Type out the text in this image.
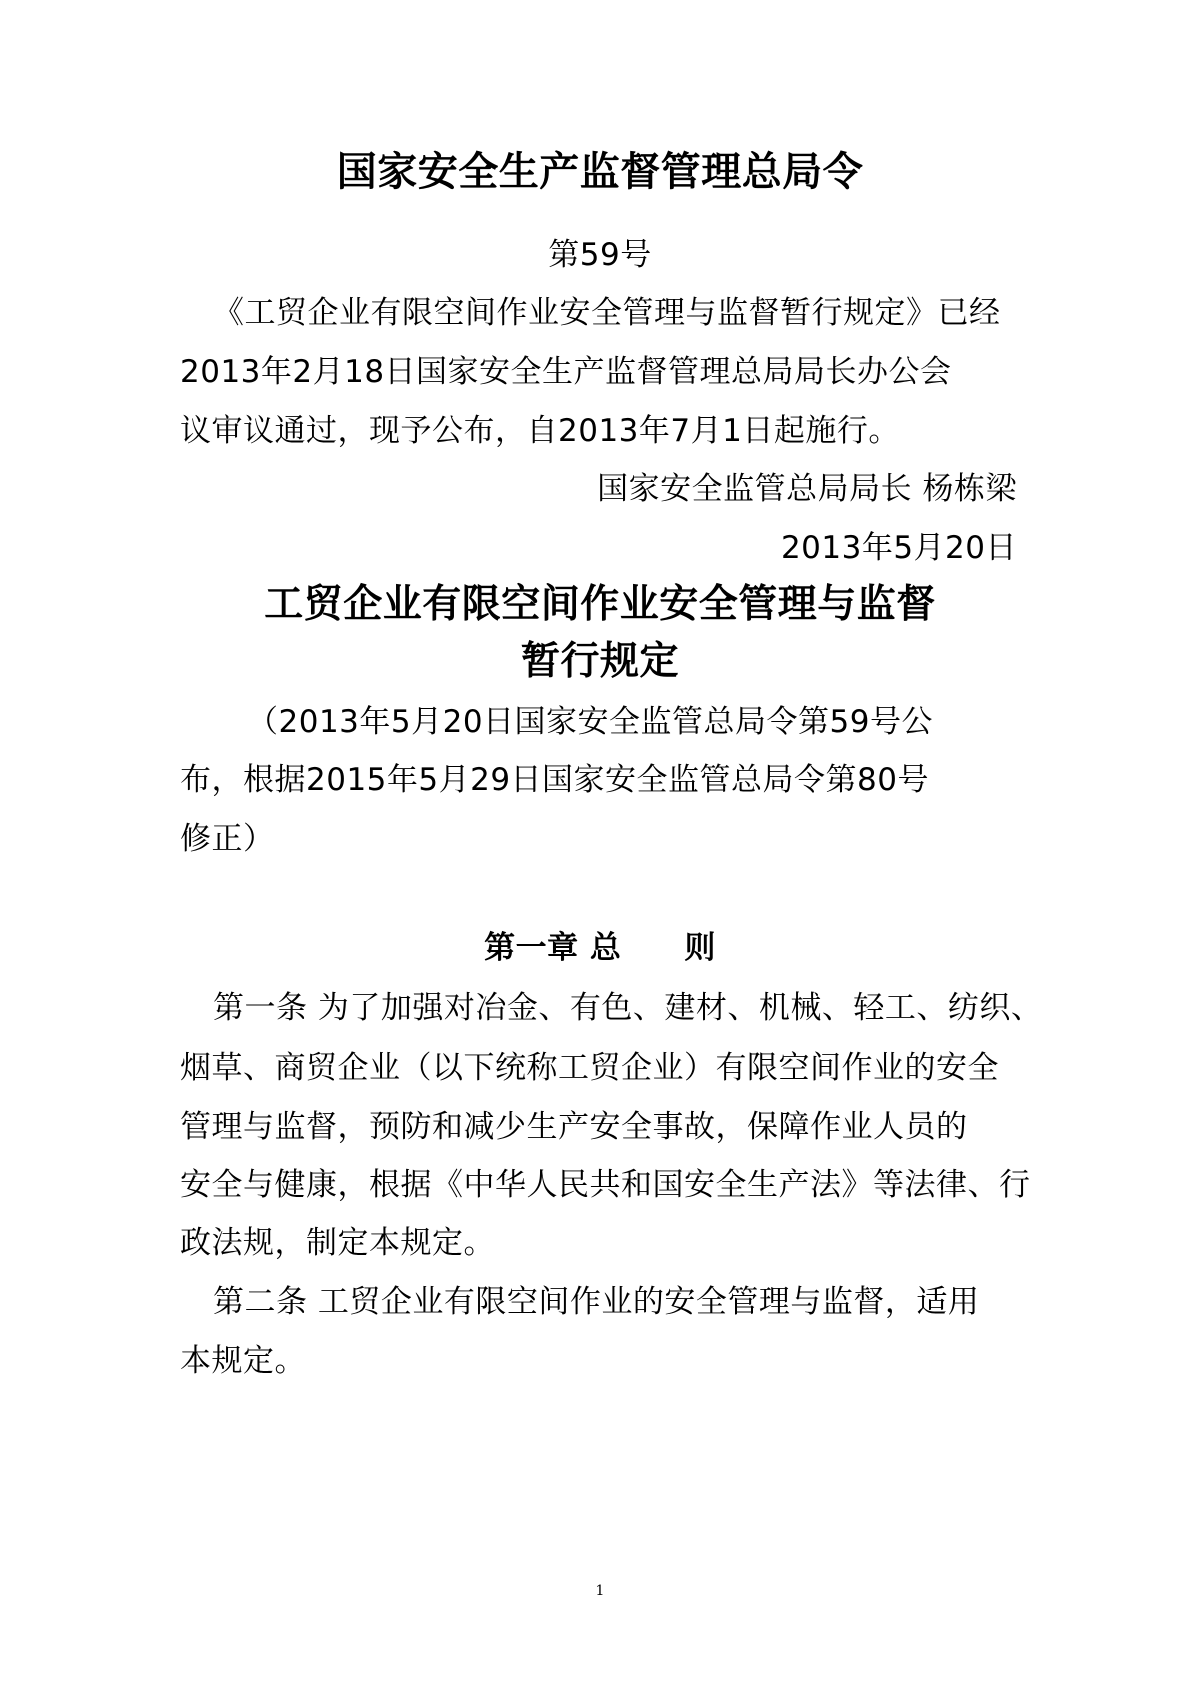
国家安全生产监督管理总局令
第59号
《工贸企业有限空间作业安全管理与监督暂行规定》已经
2013年2月18日国家安全生产监督管理总局局长办公会
议审议通过，现予公布，自2013年7月1日起施行。
国家安全监管总局局长 杨栋梁
2013年5月20日
工贸企业有限空间作业安全管理与监督
暂行规定
（2013年5月20日国家安全监管总局令第59号公
布，根据2015年5月29日国家安全监管总局令第80号
修正）
第一章 总　　则
第一条 为了加强对冶金、有色、建材、机械、轻工、纺织、
烟草、商贸企业（以下统称工贸企业）有限空间作业的安全
管理与监督，预防和减少生产安全事故，保障作业人员的
安全与健康，根据《中华人民共和国安全生产法》等法律、行
政法规，制定本规定。
第二条 工贸企业有限空间作业的安全管理与监督，适用
本规定。
1
